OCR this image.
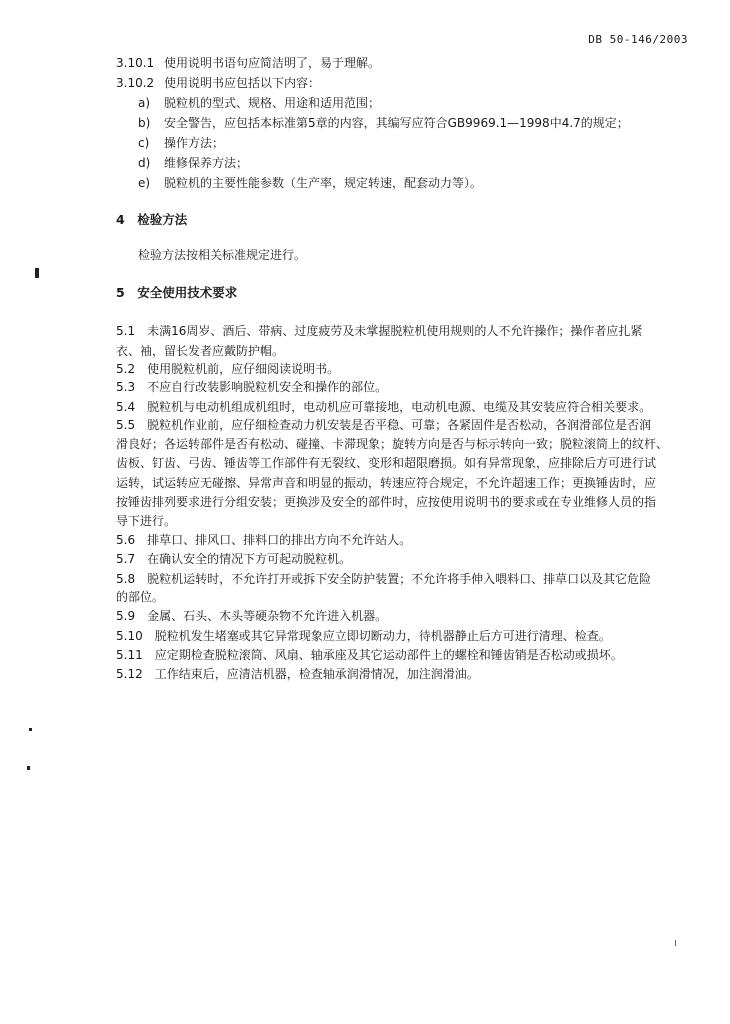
DB 50-146/2003
3.10.1 使用说明书语句应简洁明了，易于理解。
3.10.2 使用说明书应包括以下内容：
a) 脱粒机的型式、规格、用途和适用范围；
b) 安全警告，应包括本标准第5章的内容，其编写应符合GB9969.1—1998中4.7的规定；
c) 操作方法；
d) 维修保养方法；
e) 脱粒机的主要性能参数（生产率，规定转速，配套动力等）。
4　检验方法
检验方法按相关标准规定进行。
5　安全使用技术要求
5.1　未满16周岁、酒后、带病、过度疲劳及未掌握脱粒机使用规则的人不允许操作；操作者应扎紧
衣、袖，留长发者应戴防护帽。
5.2　使用脱粒机前，应仔细阅读说明书。
5.3　不应自行改装影响脱粒机安全和操作的部位。
5.4　脱粒机与电动机组成机组时，电动机应可靠接地，电动机电源、电缆及其安装应符合相关要求。
5.5　脱粒机作业前，应仔细检查动力机安装是否平稳、可靠；各紧固件是否松动，各润滑部位是否润
滑良好；各运转部件是否有松动、碰撞、卡滞现象；旋转方向是否与标示转向一致；脱粒滚筒上的纹杆、
齿板、钉齿、弓齿、锤齿等工作部件有无裂纹、变形和超限磨损。如有异常现象，应排除后方可进行试
运转，试运转应无碰擦、异常声音和明显的振动，转速应符合规定，不允许超速工作；更换锤齿时，应
按锤齿排列要求进行分组安装；更换涉及安全的部件时，应按使用说明书的要求或在专业维修人员的指
导下进行。
5.6　排草口、排风口、排料口的排出方向不允许站人。
5.7　在确认安全的情况下方可起动脱粒机。
5.8　脱粒机运转时，不允许打开或拆下安全防护装置；不允许将手伸入喂料口、排草口以及其它危险
的部位。
5.9　金属、石头、木头等硬杂物不允许进入机器。
5.10　脱粒机发生堵塞或其它异常现象应立即切断动力，待机器静止后方可进行清理、检查。
5.11　应定期检查脱粒滚筒、风扇、轴承座及其它运动部件上的螺栓和锤齿销是否松动或损坏。
5.12　工作结束后，应清洁机器，检查轴承润滑情况，加注润滑油。
